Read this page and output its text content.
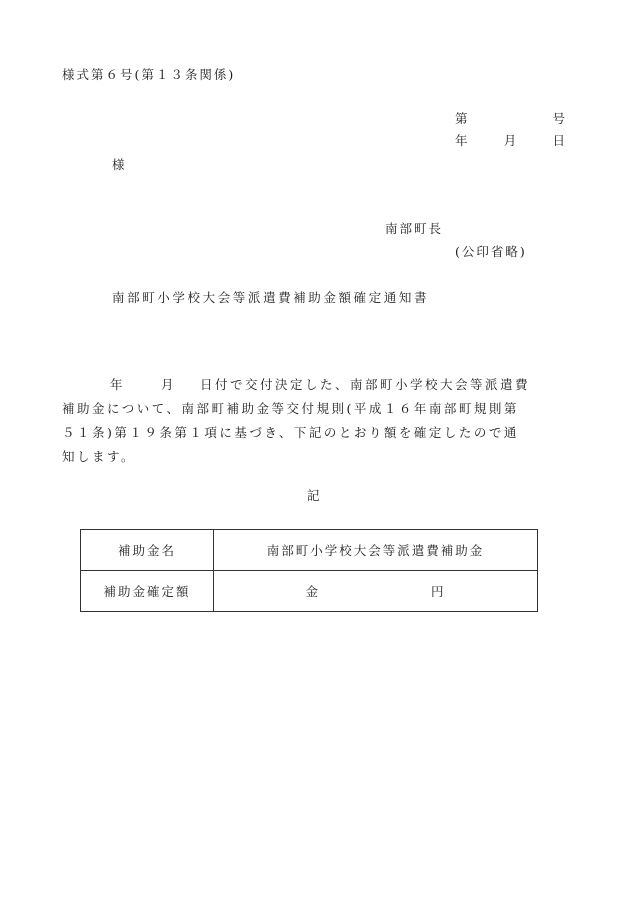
様式第６号(第１３条関係)
第	号
年	月	日
様
南部町長
(公印省略)
南部町小学校大会等派遣費補助金額確定通知書
年	月 日付で交付決定した、南部町小学校大会等派遣費
補助金について、南部町補助金等交付規則(平成１６年南部町規則第
５１条)第１９条第１項に基づき、下記のとおり額を確定したので通
知します。
記
補助金名	南部町小学校大会等派遣費補助金
補助金確定額	金 円
